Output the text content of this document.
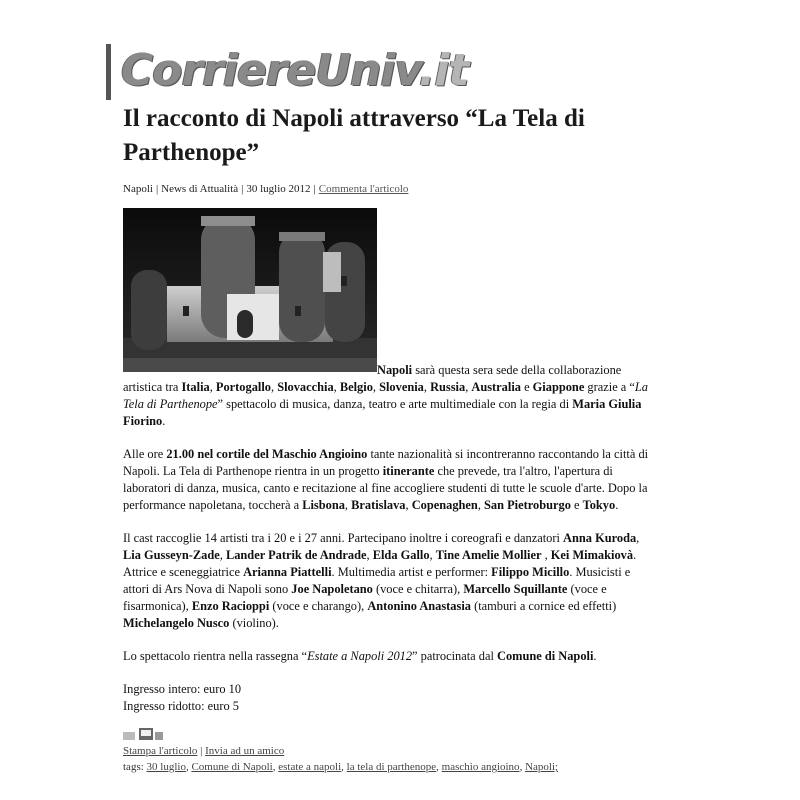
CorriereUniv.it
Il racconto di Napoli attraverso “La Tela di Parthenope”
Napoli | News di Attualità | 30 luglio 2012 | Commenta l'articolo

Napoli sarà questa sera sede della collaborazione artistica tra Italia, Portogallo, Slovacchia, Belgio, Slovenia, Russia, Australia e Giappone grazie a “La Tela di Parthenope” spettacolo di musica, danza, teatro e arte multimediale con la regia di Maria Giulia Fiorino.

Alle ore 21.00 nel cortile del Maschio Angioino tante nazionalità si incontreranno raccontando la città di Napoli. La Tela di Parthenope rientra in un progetto itinerante che prevede, tra l'altro, l'apertura di laboratori di danza, musica, canto e recitazione al fine accogliere studenti di tutte le scuole d'arte. Dopo la performance napoletana, toccherà a Lisbona, Bratislava, Copenaghen, San Pietroburgo e Tokyo.

Il cast raccoglie 14 artisti tra i 20 e i 27 anni. Partecipano inoltre i coreografi e danzatori Anna Kuroda, Lia Gusseyn-Zade, Lander Patrik de Andrade, Elda Gallo, Tine Amelie Mollier , Kei Mimakiovà. Attrice e sceneggiatrice Arianna Piattelli. Multimedia artist e performer: Filippo Micillo. Musicisti e attori di Ars Nova di Napoli sono Joe Napoletano (voce e chitarra), Marcello Squillante (voce e fisarmonica), Enzo Racioppi (voce e charango), Antonino Anastasia (tamburi a cornice ed effetti) Michelangelo Nusco (violino).

Lo spettacolo rientra nella rassegna “Estate a Napoli 2012” patrocinata dal Comune di Napoli.

Ingresso intero: euro 10
Ingresso ridotto: euro 5

Stampa l'articolo | Invia ad un amico
tags: 30 luglio, Comune di Napoli, estate a napoli, la tela di parthenope, maschio angioino, Napoli;
